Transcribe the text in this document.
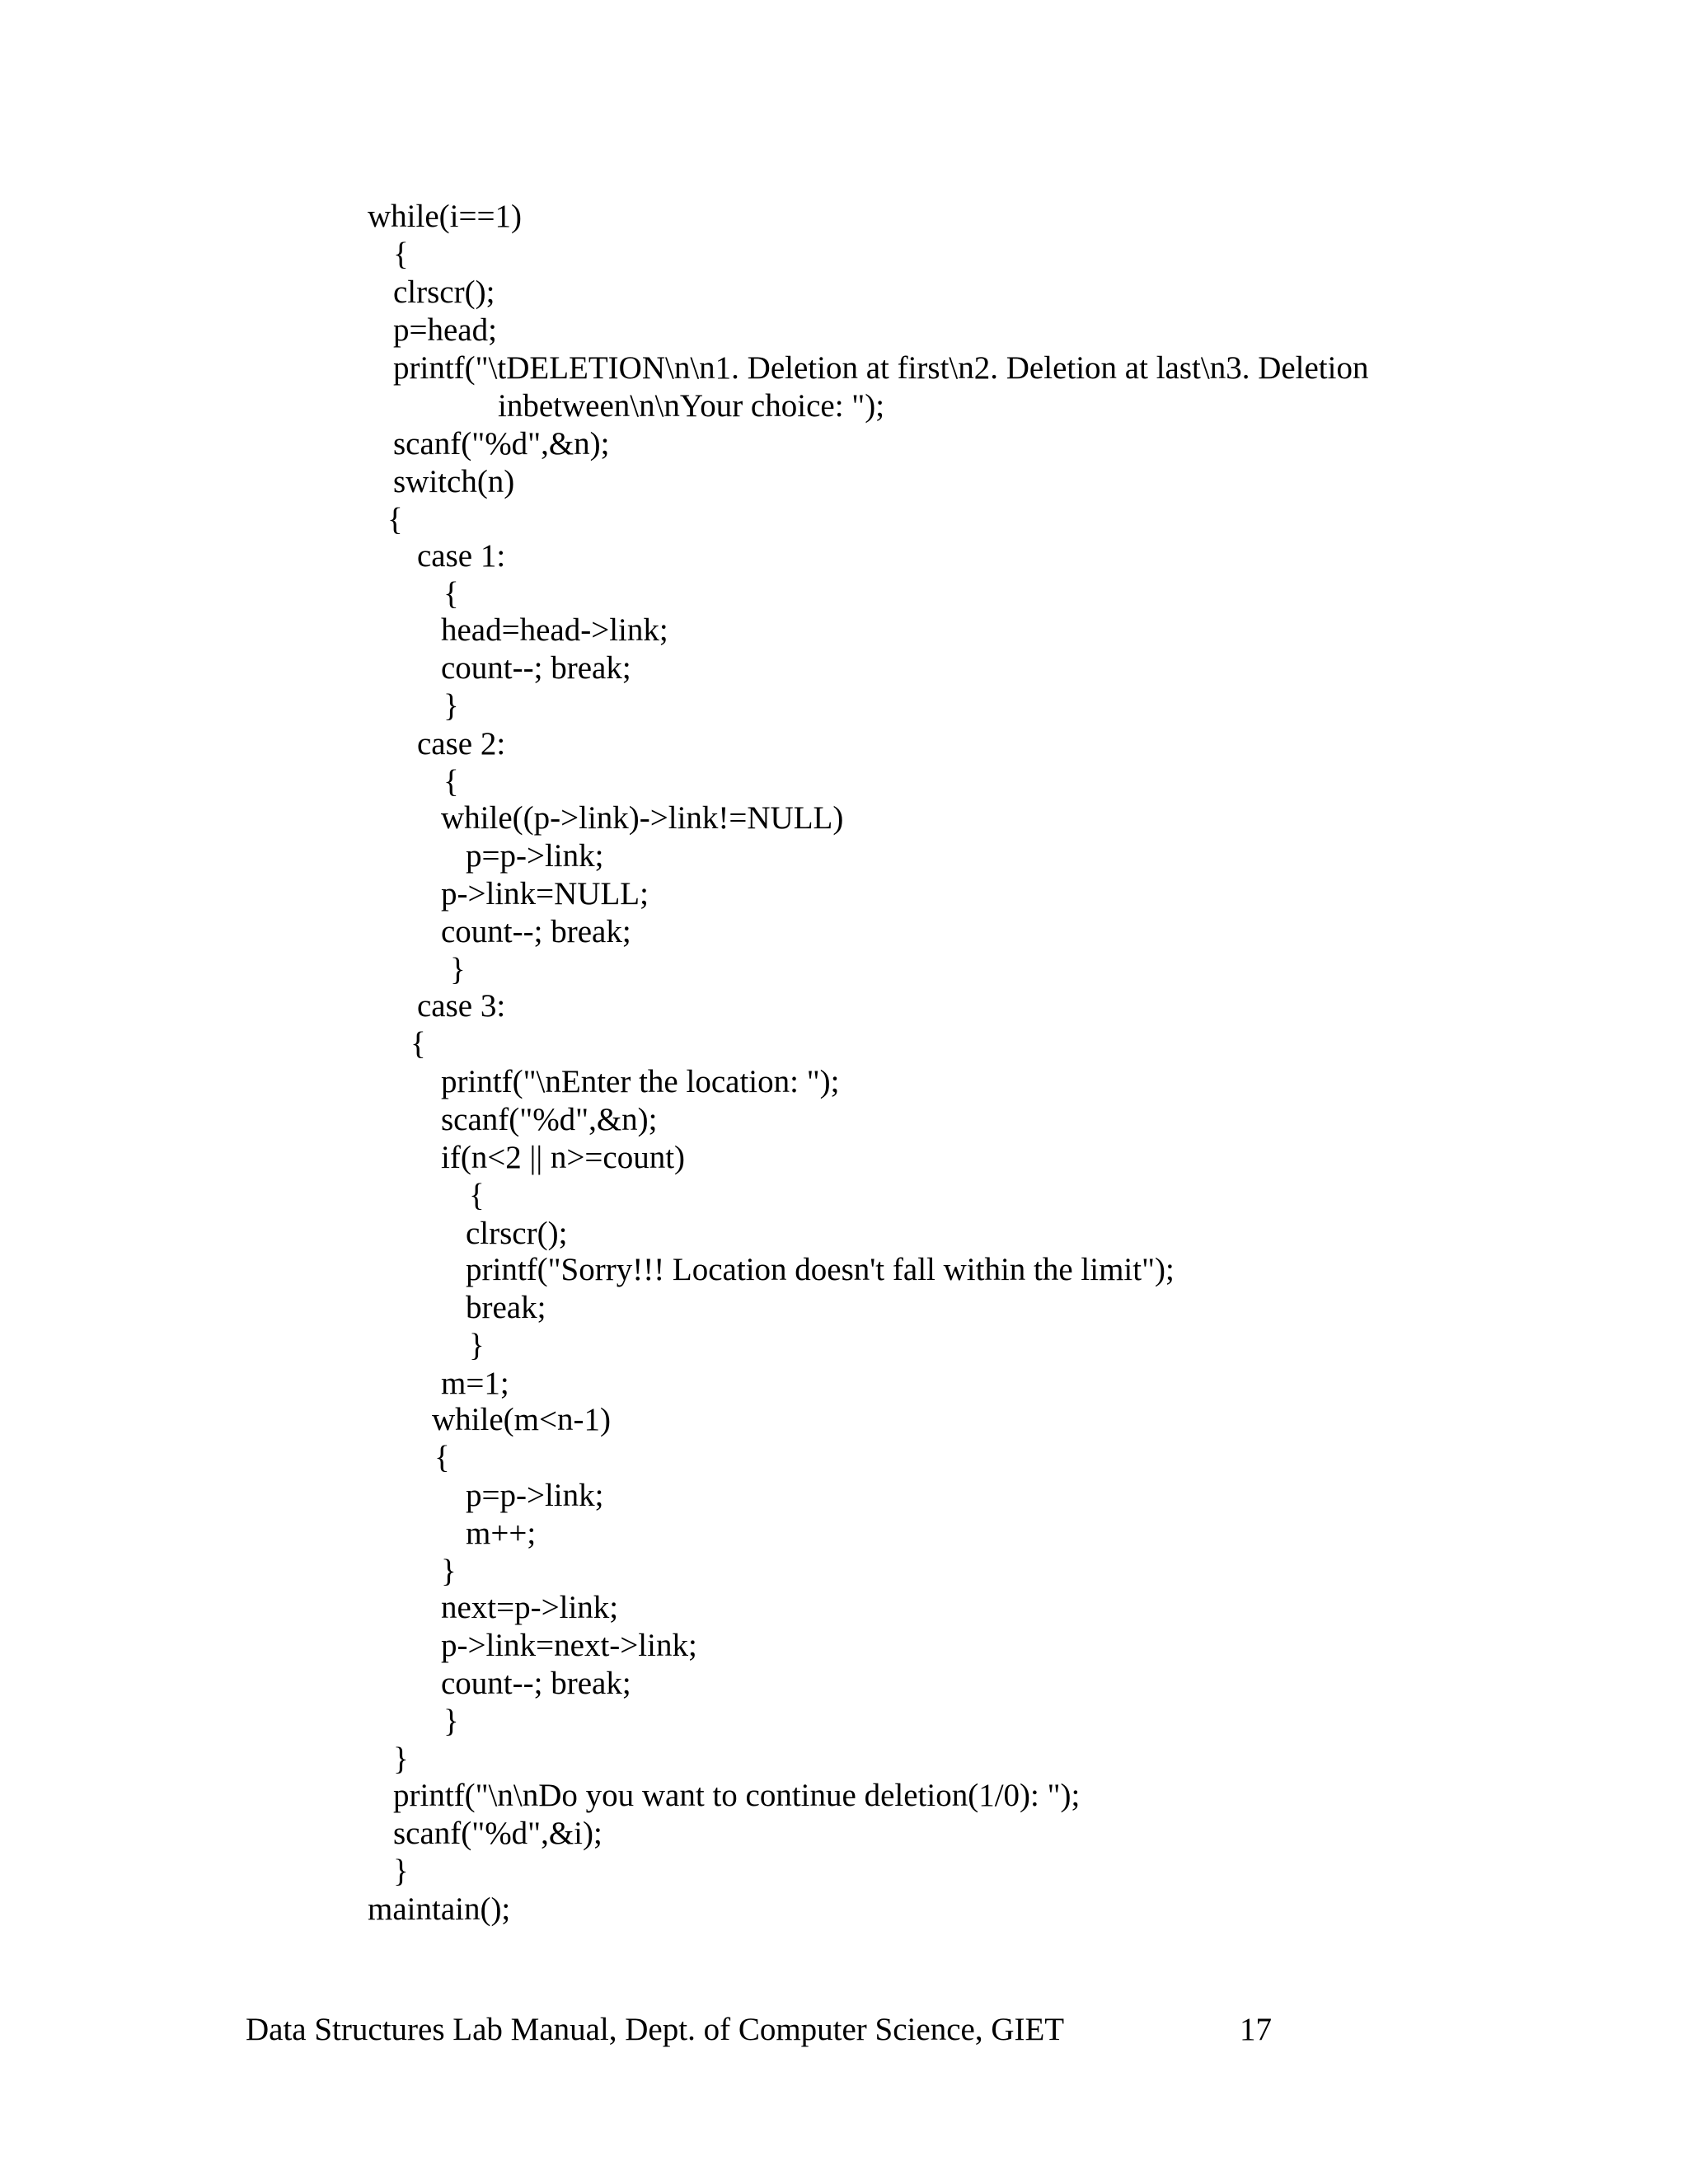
while(i==1)
{
clrscr();
p=head;
printf("\tDELETION\n\n1. Deletion at first\n2. Deletion at last\n3. Deletion
inbetween\n\nYour choice: ");
scanf("%d",&n);
switch(n)
{
case 1:
{
head=head->link;
count--; break;
}
case 2:
{
while((p->link)->link!=NULL)
p=p->link;
p->link=NULL;
count--; break;
}
case 3:
{
printf("\nEnter the location: ");
scanf("%d",&n);
if(n<2 || n>=count)
{
clrscr();
printf("Sorry!!! Location doesn't fall within the limit");
break;
}
m=1;
while(m<n-1)
{
p=p->link;
m++;
}
next=p->link;
p->link=next->link;
count--; break;
}
}
printf("\n\nDo you want to continue deletion(1/0): ");
scanf("%d",&i);
}
maintain();
Data Structures Lab Manual, Dept. of Computer Science, GIET	17
